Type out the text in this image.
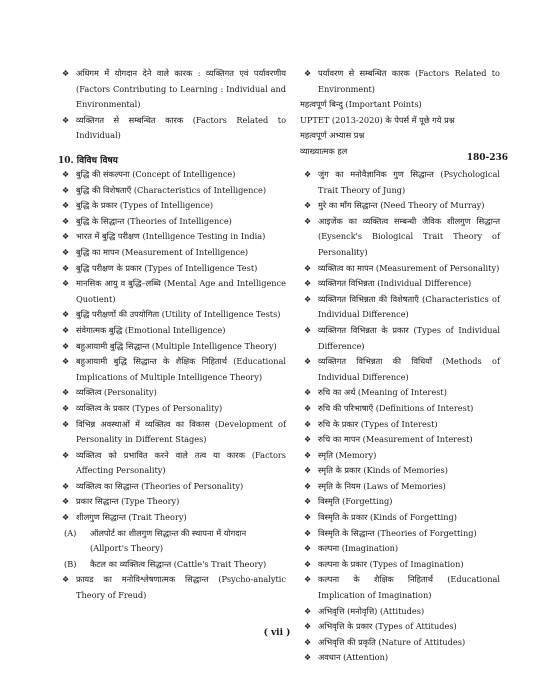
❖ अधिगम में योगदान देने वाले कारक : व्यक्तिगत एवं पर्यावरणीय (Factors Contributing to Learning : Individual and Environmental)
❖ व्यक्तिगत से सम्बन्धित कारक (Factors Related to Individual)
❖ पर्यावरण से सम्बन्धित कारक (Factors Related to Environment)
महत्वपूर्ण बिन्दु (Important Points)
UPTET (2013-2020) के पेपर्स में पूछे गये प्रश्न
महत्वपूर्ण अभ्यास प्रश्न
व्याख्यात्मक हल
10. विविध विषय	180-236
❖ बुद्धि की संकल्पना (Concept of Intelligence)
❖ बुद्धि की विशेषताएँ (Characteristics of Intelligence)
❖ बुद्धि के प्रकार (Types of Intelligence)
❖ बुद्धि के सिद्धान्त (Theories of Intelligence)
❖ भारत में बुद्धि परीक्षण (Intelligence Testing in India)
❖ बुद्धि का मापन (Measurement of Intelligence)
❖ बुद्धि परीक्षण के प्रकार (Types of Intelligence Test)
❖ मानसिक आयु व बुद्धि–लब्धि (Mental Age and Intelligence Quotient)
❖ बुद्धि परीक्षणों की उपयोगिता (Utility of Intelligence Tests)
❖ संवेगात्मक बुद्धि (Emotional Intelligence)
❖ बहुआयामी बुद्धि सिद्धान्त (Multiple Intelligence Theory)
❖ बहुआयामी बुद्धि सिद्धान्त के शैक्षिक निहितार्थ (Educational Implications of Multiple Intelligence Theory)
❖ व्यक्तित्व (Personality)
❖ व्यक्तित्व के प्रकार (Types of Personality)
❖ विभिन्न अवस्थाओं में व्यक्तित्व का विकास (Development of Personality in Different Stages)
❖ व्यक्तित्व को प्रभावित करने वाले तत्व या कारक (Factors Affecting Personality)
❖ व्यक्तित्व का सिद्धान्त (Theories of Personality)
❖ प्रकार सिद्धान्त (Type Theory)
❖ शीलगुण सिद्धान्त (Trait Theory)
(A) ऑलपोर्ट का शीलगुण सिद्धान्त की स्थापना में योगदान (Allport's Theory)
(B) कैटल का व्यक्तित्व सिद्धान्त (Cattle's Trait Theory)
❖ फ्रायड का मनोविश्लेषणात्मक सिद्धान्त (Psycho-analytic Theory of Freud)
❖ जुंग का मनोवैज्ञानिक गुण सिद्धान्त (Psychological Trait Theory of Jung)
❖ मुरे का माँग सिद्धान्त (Need Theory of Murray)
❖ आइजेंक का व्यक्तित्व सम्बन्धी जैविक शीलगुण सिद्धान्त (Eysenck's Biological Trait Theory of Personality)
❖ व्यक्तित्व का मापन (Measurement of Personality)
❖ व्यक्तिगत विभिन्नता (Individual Difference)
❖ व्यक्तिगत विभिन्नता की विशेषताएँ (Characteristics of Individual Difference)
❖ व्यक्तिगत विभिन्नता के प्रकार (Types of Individual Difference)
❖ व्यक्तिगत विभिन्नता की विधियाँ (Methods of Individual Difference)
❖ रुचि का अर्थ (Meaning of Interest)
❖ रुचि की परिभाषाएँ (Definitions of Interest)
❖ रुचि के प्रकार (Types of Interest)
❖ रुचि का मापन (Measurement of Interest)
❖ स्मृति (Memory)
❖ स्मृति के प्रकार (Kinds of Memories)
❖ स्मृति के नियम (Laws of Memories)
❖ विस्मृति (Forgetting)
❖ विस्मृति के प्रकार (Kinds of Forgetting)
❖ विस्मृति के सिद्धान्त (Theories of Forgetting)
❖ कल्पना (Imagination)
❖ कल्पना के प्रकार (Types of Imagination)
❖ कल्पना के शैक्षिक निहितार्थ (Educational Implication of Imagination)
❖ अभिवृत्ति (मनोवृत्ति) (Attitudes)
❖ अभिवृत्ति के प्रकार (Types of Attitudes)
❖ अभिवृत्ति की प्रकृति (Nature of Attitudes)
❖ अवधान (Attention)
( vii )
